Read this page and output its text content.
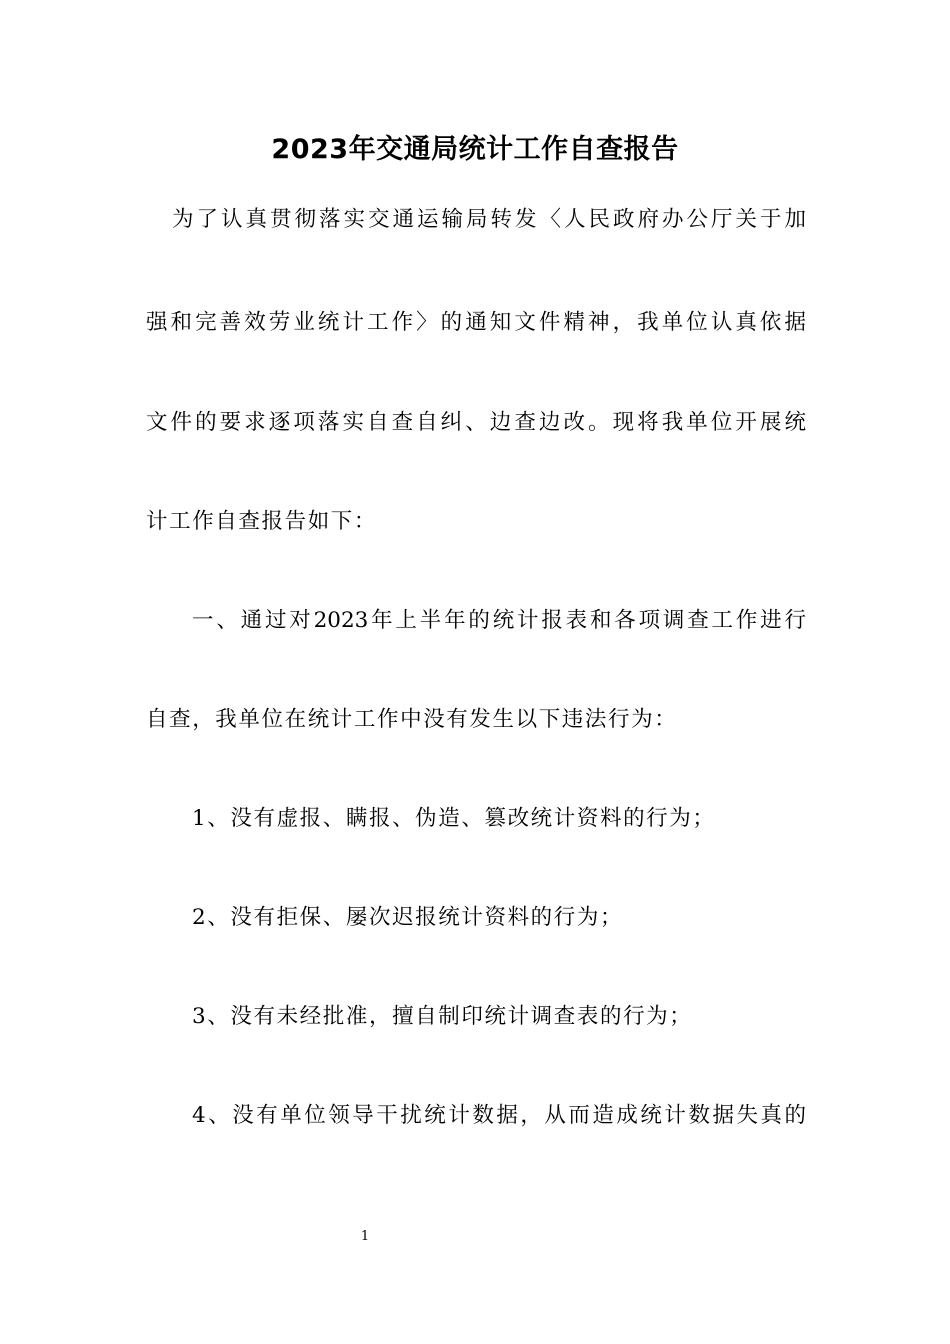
2023年交通局统计工作自查报告
为了认真贯彻落实交通运输局转发〈人民政府办公厅关于加
强和完善效劳业统计工作〉的通知文件精神，我单位认真依据
文件的要求逐项落实自查自纠、边查边改。现将我单位开展统
计工作自查报告如下：
一、通过对2023年上半年的统计报表和各项调查工作进行
自查，我单位在统计工作中没有发生以下违法行为：
1、没有虚报、瞒报、伪造、篡改统计资料的行为；
2、没有拒保、屡次迟报统计资料的行为；
3、没有未经批准，擅自制印统计调查表的行为；
4、没有单位领导干扰统计数据，从而造成统计数据失真的
1
